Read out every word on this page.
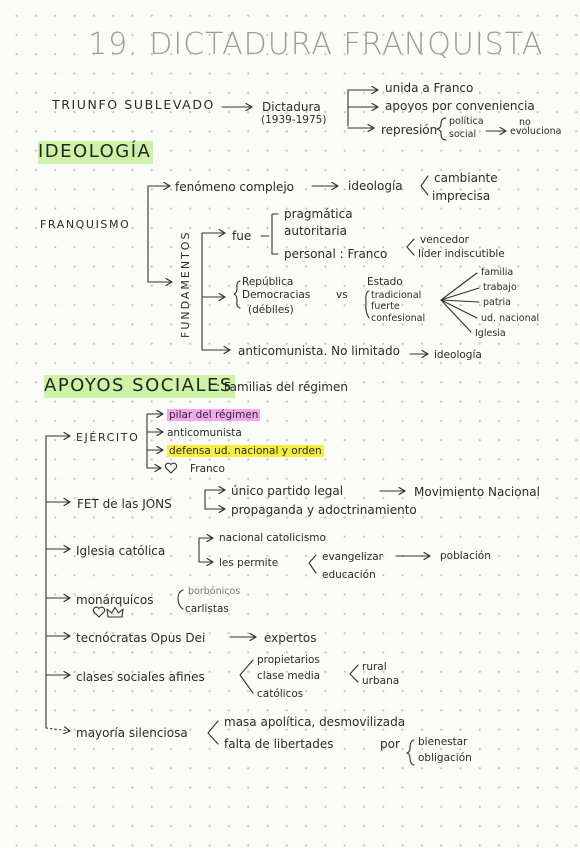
19. DICTADURA FRANQUISTA
TRIUNFO SUBLEVADO	Dictadura
(1939-1975)
unida a Franco
apoyos por conveniencia
represión
política
social
no
evoluciona
IDEOLOGÍA
FRANQUISMO
fenómeno complejo	ideología
cambiante
imprecisa
FUNDAMENTOS	fue
pragmática
autoritaria
personal : Franco
vencedor
líder indiscutible
República
Democracias
(débiles)
vs
Estado
tradicional
fuerte
confesional
familia
trabajo
patria
ud. nacional
Iglesia
anticomunista. No limitado	ideología
APOYOS SOCIALES
: Familias del régimen
EJÉRCITO
pilar del régimen
anticomunista
defensa ud. nacional y orden
Franco
FET de las JONS
único partido legal	Movimiento Nacional
propaganda y adoctrinamiento
Iglesia católica
nacional catolicismo
les permite	evangelizar	población
educación
monárquicos
borbónicos
carlistas
tecnócratas Opus Dei	expertos
clases sociales afines
propietarios
clase media
católicos
rural
urbana
mayoría silenciosa
masa apolítica, desmovilizada
falta de libertades	por bienestar
obligación
